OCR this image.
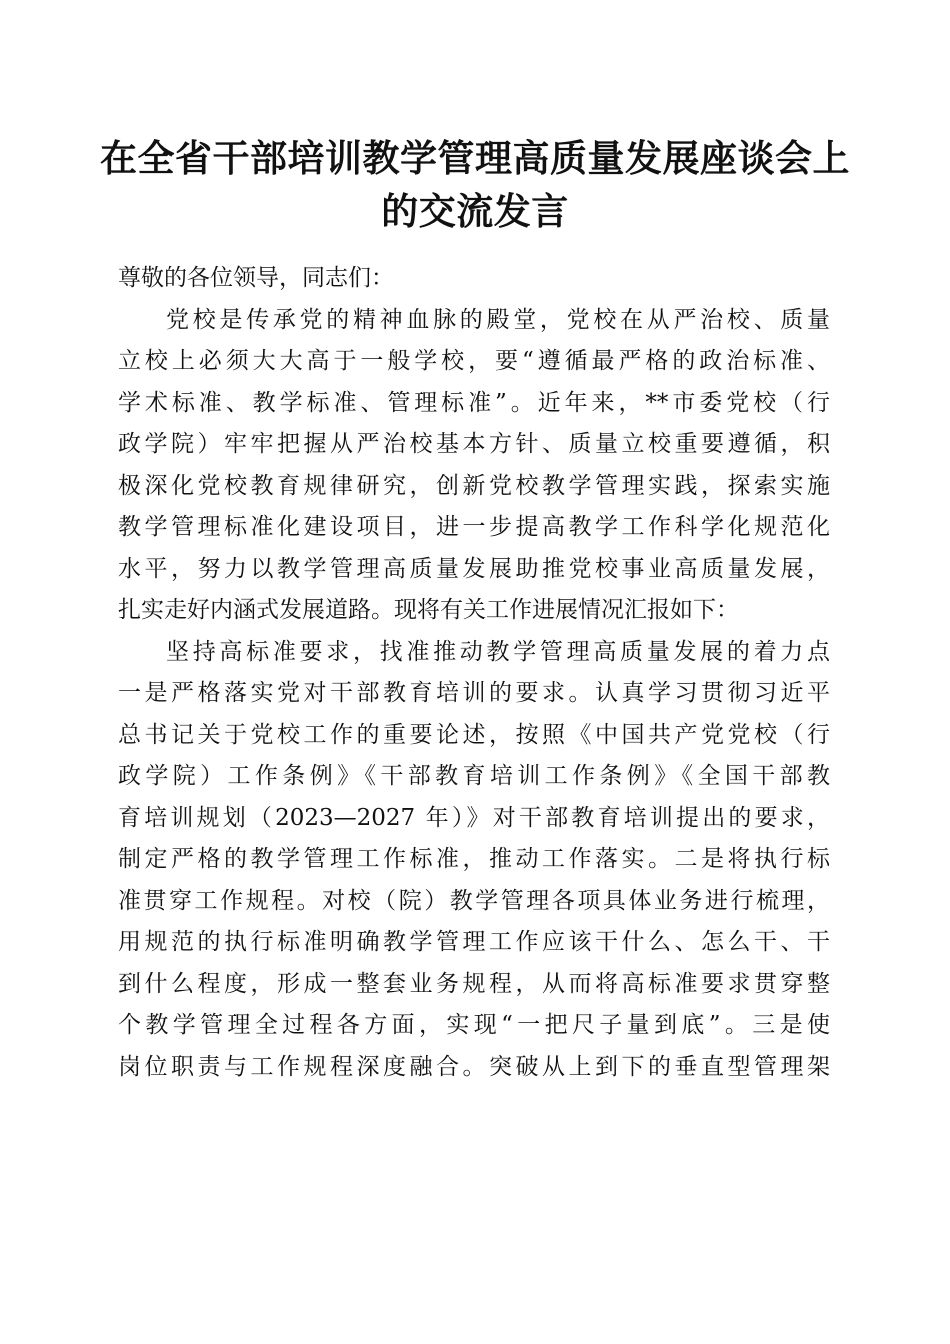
在全省干部培训教学管理高质量发展座谈会上
的交流发言
尊敬的各位领导，同志们：
党校是传承党的精神血脉的殿堂，党校在从严治校、质量
立校上必须大大高于一般学校，要“遵循最严格的政治标准、
学术标准、教学标准、管理标准”。近年来，**市委党校（行
政学院）牢牢把握从严治校基本方针、质量立校重要遵循，积
极深化党校教育规律研究，创新党校教学管理实践，探索实施
教学管理标准化建设项目，进一步提高教学工作科学化规范化
水平，努力以教学管理高质量发展助推党校事业高质量发展，
扎实走好内涵式发展道路。现将有关工作进展情况汇报如下：
坚持高标准要求，找准推动教学管理高质量发展的着力点
一是严格落实党对干部教育培训的要求。认真学习贯彻习近平
总书记关于党校工作的重要论述，按照《中国共产党党校（行
政学院）工作条例》《干部教育培训工作条例》《全国干部教
育培训规划（2023—2027 年）》对干部教育培训提出的要求，
制定严格的教学管理工作标准，推动工作落实。二是将执行标
准贯穿工作规程。对校（院）教学管理各项具体业务进行梳理，
用规范的执行标准明确教学管理工作应该干什么、怎么干、干
到什么程度，形成一整套业务规程，从而将高标准要求贯穿整
个教学管理全过程各方面，实现“一把尺子量到底”。三是使
岗位职责与工作规程深度融合。突破从上到下的垂直型管理架
